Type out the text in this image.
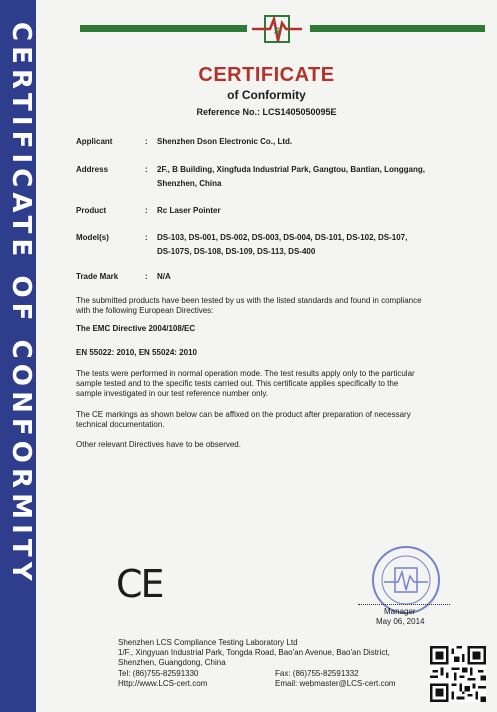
CERTIFICATE OF CONFORMITY	S
CERTIFICATE
of Conformity
Reference No.: LCS1405050095E
Applicant	: Shenzhen Dson Electronic Co., Ltd.
Address	: 2F., B Building, Xingfuda Industrial Park, Gangtou, Bantian, Longgang,
Shenzhen, China
Product	: Rc Laser Pointer
Model(s)	: DS-103, DS-001, DS-002, DS-003, DS-004, DS-101, DS-102, DS-107,
DS-107S, DS-108, DS-109, DS-113, DS-400
Trade Mark	: N/A
The submitted products have been tested by us with the listed standards and found in compliance
with the following European Directives:
The EMC Directive 2004/108/EC
EN 55022: 2010, EN 55024: 2010
The tests were performed in normal operation mode. The test results apply only to the particular
sample tested and to the specific tests carried out. This certificate applies specifically to the
sample investigated in our test reference number only.
The CE markings as shown below can be affixed on the product after preparation of necessary
technical documentation.
Other relevant Directives have to be observed.
CE
Manager
May 06, 2014
Shenzhen LCS Compliance Testing Laboratory Ltd
1/F., Xingyuan Industrial Park, Tongda Road, Bao'an Avenue, Bao'an District,
Shenzhen, Guangdong, China
Tel: (86)755-82591330	Fax: (86)755-82591332
Http://www.LCS-cert.com	Email: webmaster@LCS-cert.com
